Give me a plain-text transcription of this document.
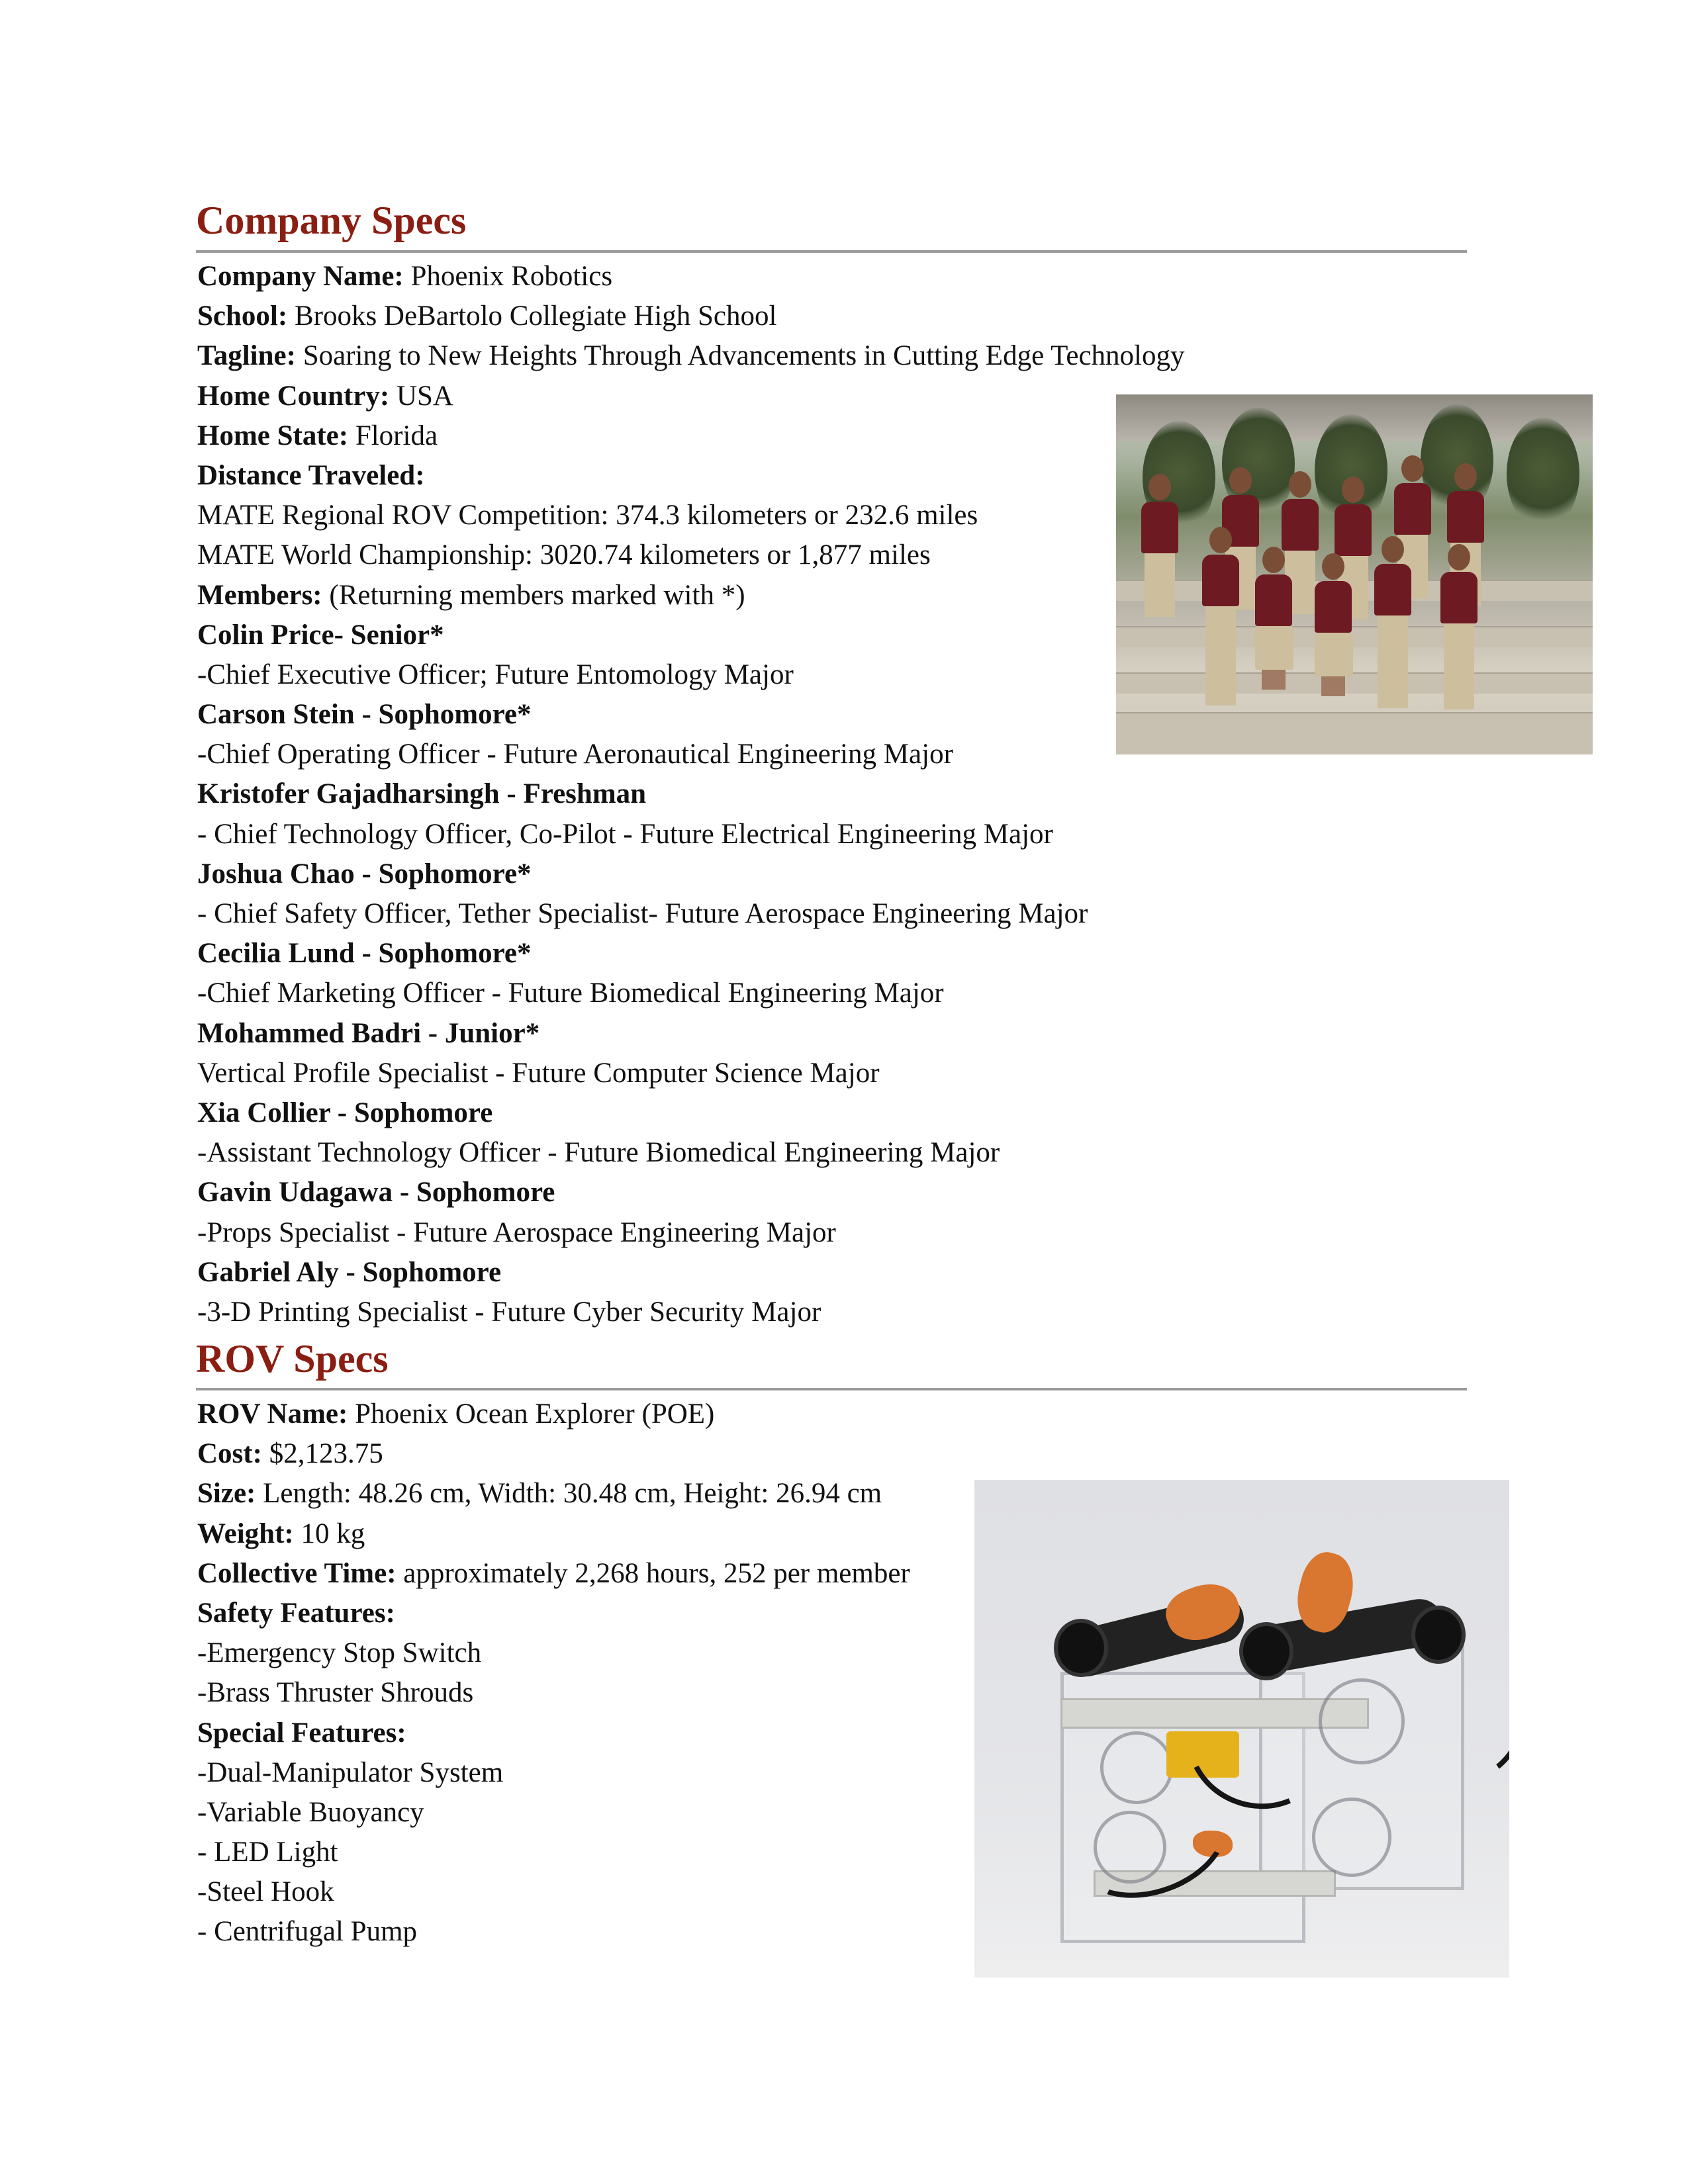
Company Specs
Company Name: Phoenix Robotics
School: Brooks DeBartolo Collegiate High School
Tagline: Soaring to New Heights Through Advancements in Cutting Edge Technology
Home Country: USA
Home State: Florida
Distance Traveled:
MATE Regional ROV Competition: 374.3 kilometers or 232.6 miles
MATE World Championship: 3020.74 kilometers or 1,877 miles
Members: (Returning members marked with *)
Colin Price- Senior*
-Chief Executive Officer; Future Entomology Major
Carson Stein - Sophomore*
-Chief Operating Officer - Future Aeronautical Engineering Major
Kristofer Gajadharsingh - Freshman
- Chief Technology Officer, Co-Pilot - Future Electrical Engineering Major
Joshua Chao - Sophomore*
- Chief Safety Officer, Tether Specialist- Future Aerospace Engineering Major
Cecilia Lund - Sophomore*
-Chief Marketing Officer - Future Biomedical Engineering Major
Mohammed Badri - Junior*
Vertical Profile Specialist - Future Computer Science Major
Xia Collier - Sophomore
-Assistant Technology Officer - Future Biomedical Engineering Major
Gavin Udagawa - Sophomore
-Props Specialist - Future Aerospace Engineering Major
Gabriel Aly - Sophomore
-3-D Printing Specialist - Future Cyber Security Major
ROV Specs
ROV Name: Phoenix Ocean Explorer (POE)
Cost: $2,123.75
Size: Length: 48.26 cm, Width: 30.48 cm, Height: 26.94 cm
Weight: 10 kg
Collective Time: approximately 2,268 hours, 252 per member
Safety Features:
-Emergency Stop Switch
-Brass Thruster Shrouds
Special Features:
-Dual-Manipulator System
-Variable Buoyancy
- LED Light
-Steel Hook
- Centrifugal Pump
